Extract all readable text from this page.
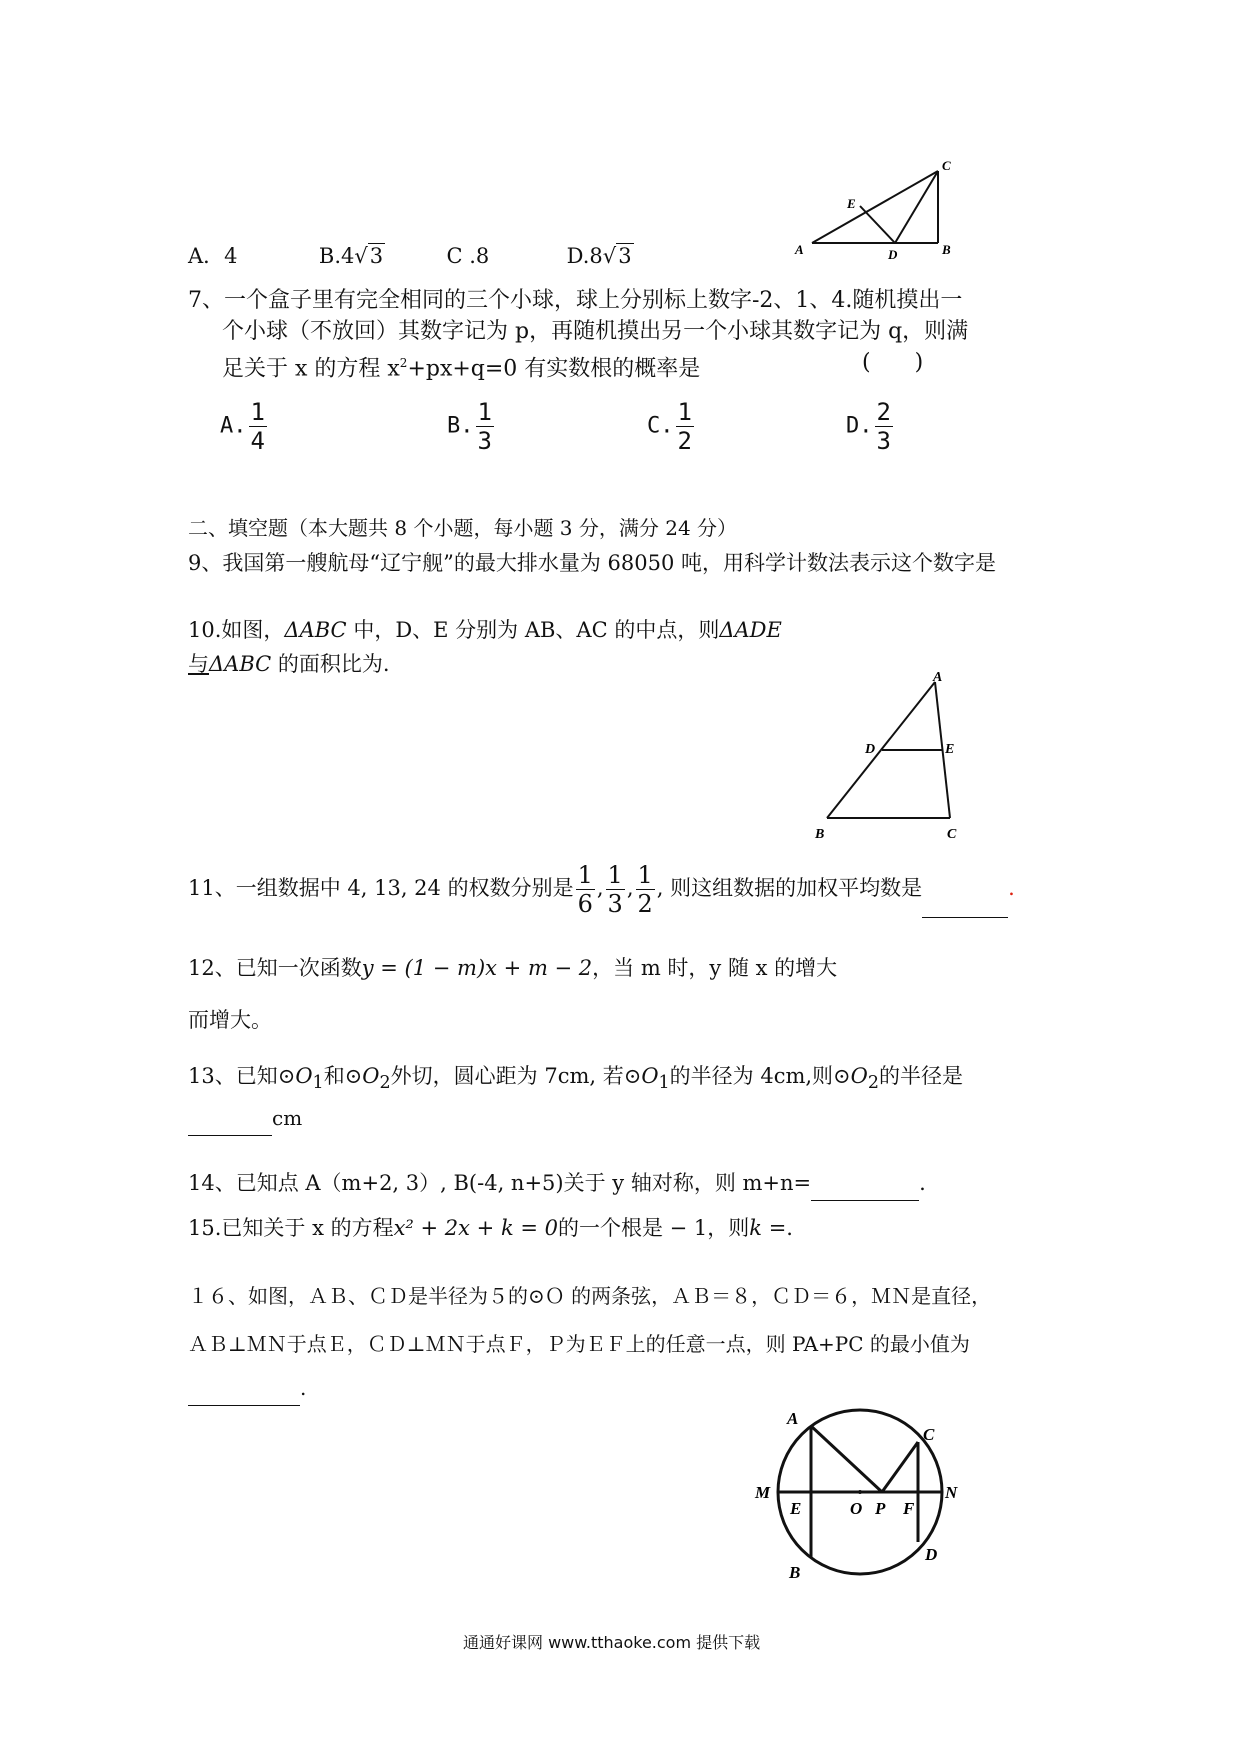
A．4	B.4√3	C .8	D.8√3	A	B
C
D
E
7、一个盒子里有完全相同的三个小球，球上分别标上数字-2、1、4.随机摸出一
个小球（不放回）其数字记为 p，再随机摸出另一个小球其数字记为 q，则满
足关于 x 的方程 $x^2+px+q=0$ 有实数根的概率是	(　　)
A. $\frac{1}{4}$	B. $\frac{1}{3}$	C. $\frac{1}{2}$	D. $\frac{2}{3}$
二、填空题（本大题共 8 个小题，每小题 3 分，满分 24 分）
9、我国第一艘航母“辽宁舰”的最大排水量为 68050 吨，用科学计数法表示这个数字是
10.如图，ΔABC 中，D、E 分别为 AB、AC 的中点，则ΔADE
与ΔABC 的面积比为.
A
B	C
D	E
11、一组数据中 4, 13, 24 的权数分别是 $\frac{1}{6}$ , $\frac{1}{3}$ , $\frac{1}{2}$ , 则这组数据的加权平均数是	.
12、已知一次函数y = (1 − m)x + m − 2，当 m 时，y 随 x 的增大
而增大。
13、已知$⊙O_1$和$⊙O_2$外切，圆心距为 7cm, 若$⊙O_1$的半径为 4cm,则$⊙O_2$的半径是
cm
14、已知点 A（m+2, 3）, B(-4, n+5)关于 y 轴对称，则 m+n=	.
15.已知关于 x 的方程x² + 2x + k = 0的一个根是 − 1，则k =.
１６、如图，ＡＢ、ＣＤ是半径为５的⊙Ｏ 的两条弦，ＡＢ＝８，ＣＤ＝６，ＭＮ是直径，
ＡＢ⊥ＭＮ于点Ｅ，ＣＤ⊥ＭＮ于点Ｆ，Ｐ为ＥＦ上的任意一点，则 PA+PC 的最小值为
.
A
B
C
D
E	F
M	N
O P
通通好课网 www.tthaoke.com 提供下载
